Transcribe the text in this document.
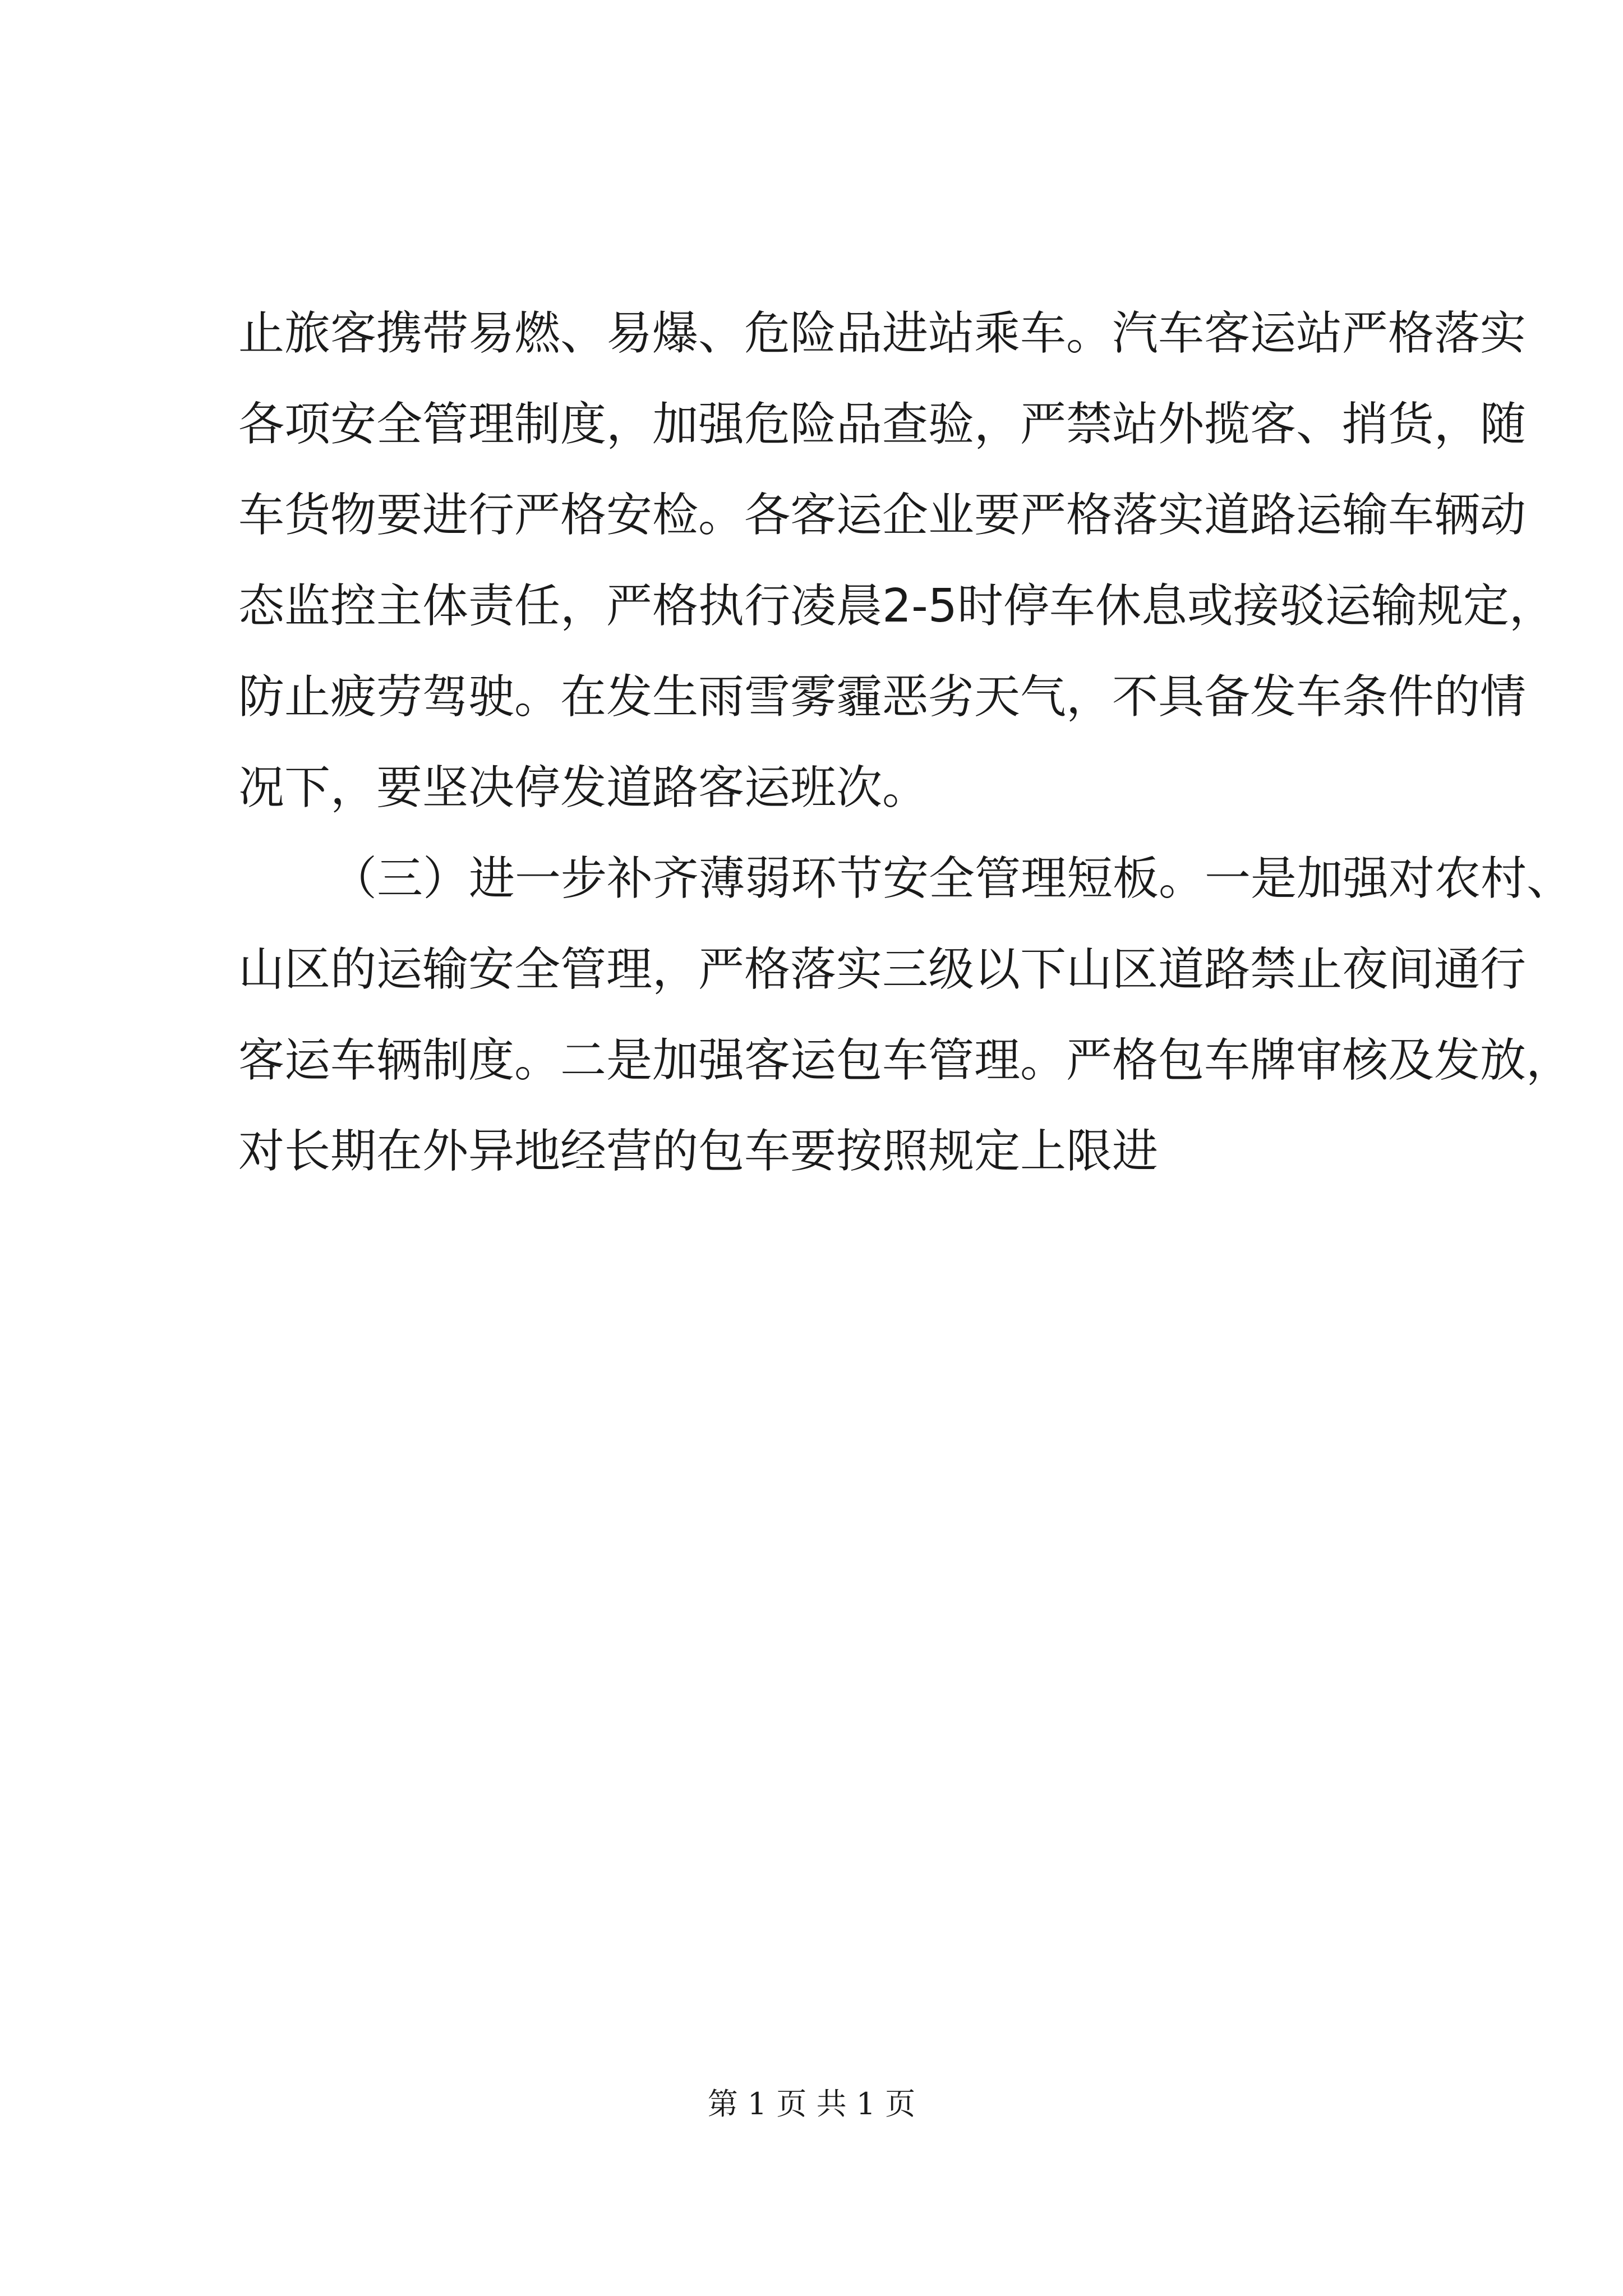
止旅客携带易燃、易爆、危险品进站乘车。汽车客运站严格落实
各项安全管理制度，加强危险品查验，严禁站外揽客、捎货，随
车货物要进行严格安检。各客运企业要严格落实道路运输车辆动
态监控主体责任，严格执行凌晨2-5时停车休息或接驳运输规定，
防止疲劳驾驶。在发生雨雪雾霾恶劣天气，不具备发车条件的情
况下，要坚决停发道路客运班次。
（三）进一步补齐薄弱环节安全管理短板。一是加强对农村、
山区的运输安全管理，严格落实三级以下山区道路禁止夜间通行
客运车辆制度。二是加强客运包车管理。严格包车牌审核及发放，
对长期在外异地经营的包车要按照规定上限进
第 1 页 共 1 页
